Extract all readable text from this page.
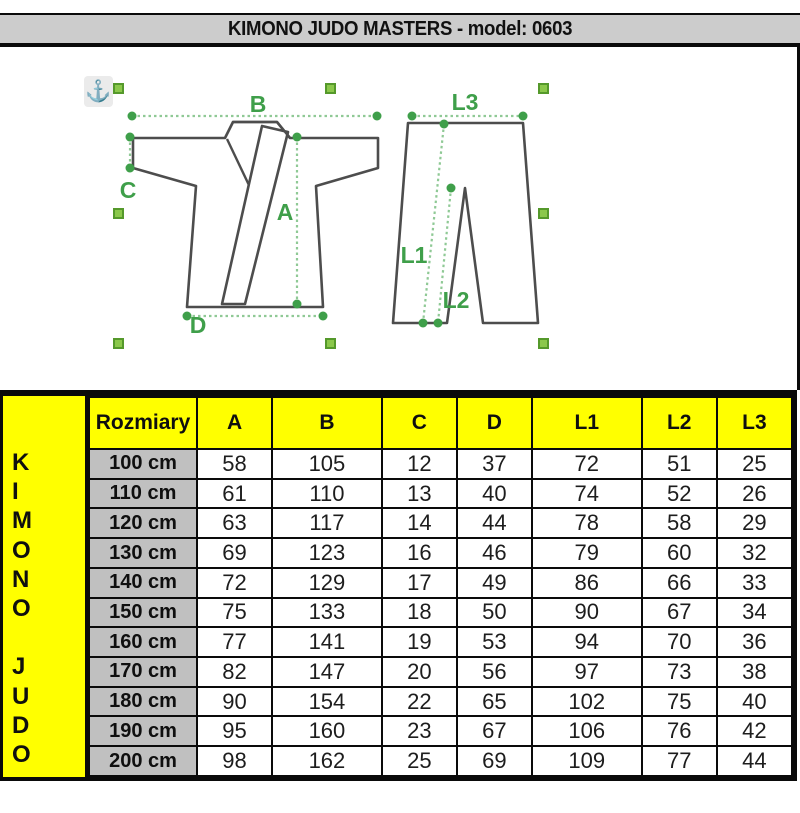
KIMONO JUDO MASTERS - model: 0603
B
C
A
D
L3
L1
L2
⚓
K
I
M
O
N
O
J
U
D
O
Rozmiary	A	B	C	D	L1	L2	L3
100 cm	58	105	12	37	72	51	25
110 cm	61	110	13	40	74	52	26
120 cm	63	117	14	44	78	58	29
130 cm	69	123	16	46	79	60	32
140 cm	72	129	17	49	86	66	33
150 cm	75	133	18	50	90	67	34
160 cm	77	141	19	53	94	70	36
170 cm	82	147	20	56	97	73	38
180 cm	90	154	22	65	102	75	40
190 cm	95	160	23	67	106	76	42
200 cm	98	162	25	69	109	77	44
